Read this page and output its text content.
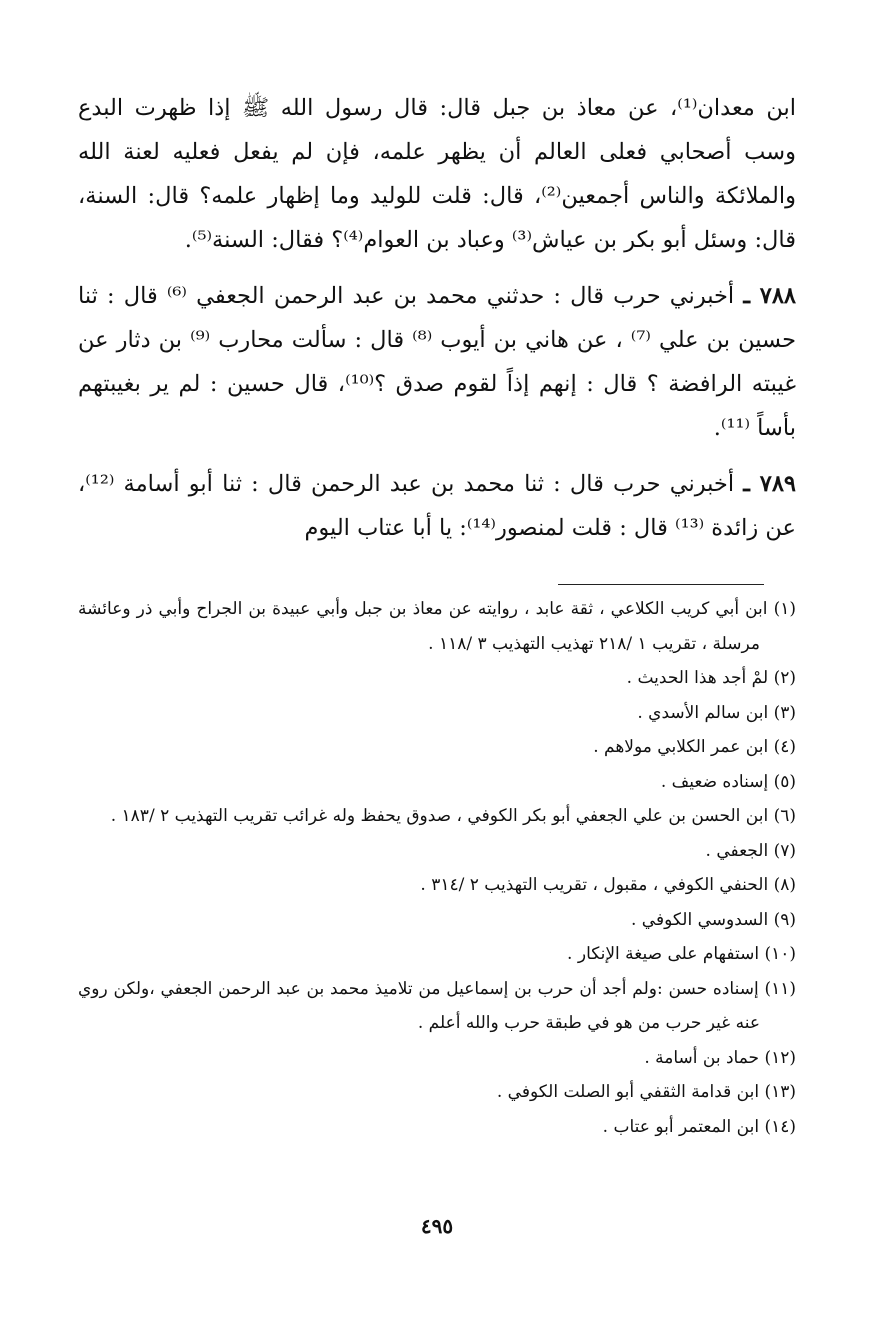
ابن معدان⁽¹⁾، عن معاذ بن جبل قال: قال رسول الله ﷺ إذا ظهرت البدع وسب أصحابي فعلى العالم أن يظهر علمه، فإن لم يفعل فعليه لعنة الله والملائكة والناس أجمعين⁽²⁾، قال: قلت للوليد وما إظهار علمه؟ قال: السنة، قال: وسئل أبو بكر بن عياش⁽³⁾ وعباد بن العوام⁽⁴⁾؟ فقال: السنة⁽⁵⁾.

٧٨٨ ـ أخبرني حرب قال : حدثني محمد بن عبد الرحمن الجعفي ⁽⁶⁾ قال : ثنا حسين بن علي ⁽⁷⁾ ، عن هاني بن أيوب ⁽⁸⁾ قال : سألت محارب ⁽⁹⁾ بن دثار عن غيبته الرافضة ؟ قال : إنهم إذاً لقوم صدق ؟⁽¹⁰⁾، قال حسين : لم ير بغيبتهم بأساً ⁽¹¹⁾.

٧٨٩ ـ أخبرني حرب قال : ثنا محمد بن عبد الرحمن قال : ثنا أبو أسامة ⁽¹²⁾، عن زائدة ⁽¹³⁾ قال : قلت لمنصور⁽¹⁴⁾: يا أبا عتاب اليوم

(١) ابن أبي كريب الكلاعي ، ثقة عابد ، روايته عن معاذ بن جبل وأبي عبيدة بن الجراح وأبي ذر وعائشة مرسلة ، تقريب ١ /٢١٨ تهذيب التهذيب ٣ /١١٨ .

(٢) لمْ أجد هذا الحديث .

(٣) ابن سالم الأسدي .

(٤) ابن عمر الكلابي مولاهم .

(٥) إسناده ضعيف .

(٦) ابن الحسن بن علي الجعفي أبو بكر الكوفي ، صدوق يحفظ وله غرائب تقريب التهذيب ٢ /١٨٣ .

(٧) الجعفي .

(٨) الحنفي الكوفي ، مقبول ، تقريب التهذيب ٢ /٣١٤ .

(٩) السدوسي الكوفي .

(١٠) استفهام على صيغة الإنكار .

(١١) إسناده حسن :ولم أجد أن حرب بن إسماعيل من تلاميذ محمد بن عبد الرحمن الجعفي ،ولكن روي عنه غير حرب من هو في طبقة حرب والله أعلم .

(١٢) حماد بن أسامة .

(١٣) ابن قدامة الثقفي أبو الصلت الكوفي .

(١٤) ابن المعتمر أبو عتاب .

٤٩٥
